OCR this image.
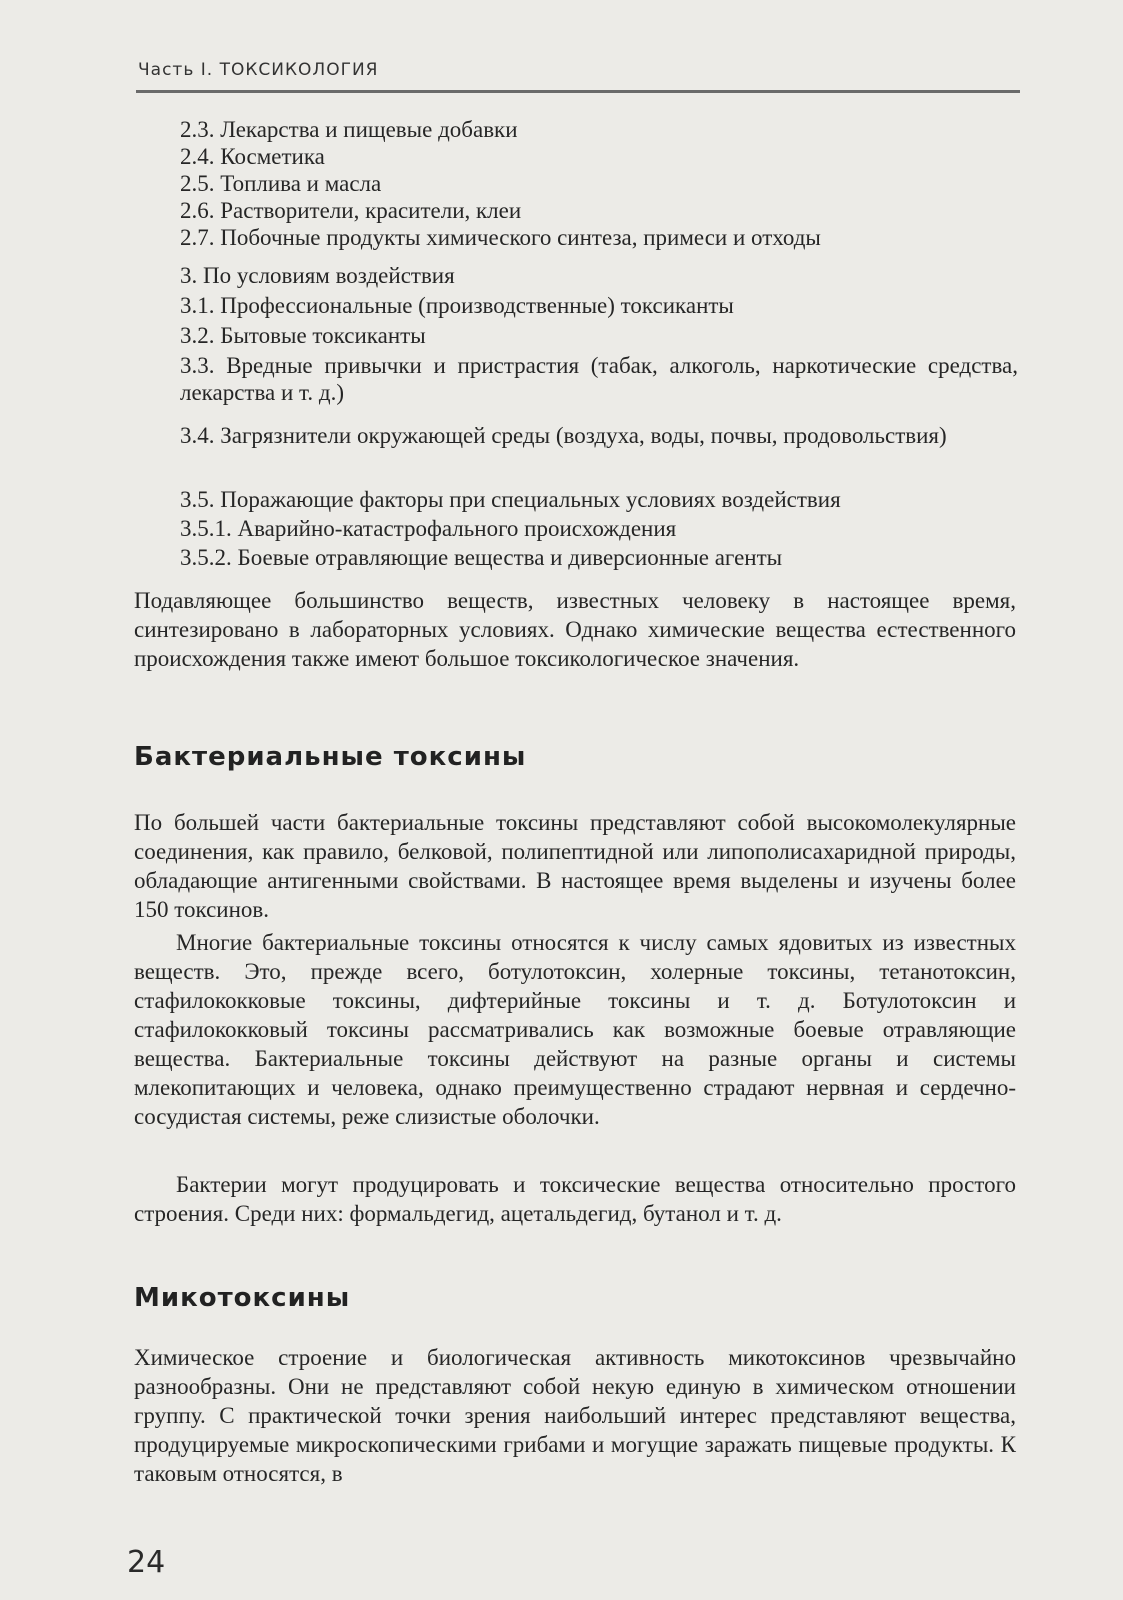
Часть I. ТОКСИКОЛОГИЯ
2.3. Лекарства и пищевые добавки
2.4. Косметика
2.5. Топлива и масла
2.6. Растворители, красители, клеи
2.7. Побочные продукты химического синтеза, примеси и отходы
3. По условиям воздействия
3.1. Профессиональные (производственные) токсиканты
3.2. Бытовые токсиканты
3.3. Вредные привычки и пристрастия (табак, алкоголь, наркотические средства, лекарства и т. д.)
3.4. Загрязнители окружающей среды (воздуха, воды, почвы, продовольствия)
3.5. Поражающие факторы при специальных условиях воздействия
3.5.1. Аварийно-катастрофального происхождения
3.5.2. Боевые отравляющие вещества и диверсионные агенты
Подавляющее большинство веществ, известных человеку в настоящее время, синтезировано в лабораторных условиях. Однако химические вещества естественного происхождения также имеют большое токсикологическое значения.
Бактериальные токсины
По большей части бактериальные токсины представляют собой высокомолекулярные соединения, как правило, белковой, полипептидной или липополисахаридной природы, обладающие антигенными свойствами. В настоящее время выделены и изучены более 150 токсинов.
Многие бактериальные токсины относятся к числу самых ядовитых из известных веществ. Это, прежде всего, ботулотоксин, холерные токсины, тетанотоксин, стафилококковые токсины, дифтерийные токсины и т. д. Ботулотоксин и стафилококковый токсины рассматривались как возможные боевые отравляющие вещества. Бактериальные токсины действуют на разные органы и системы млекопитающих и человека, однако преимущественно страдают нервная и сердечно-сосудистая системы, реже слизистые оболочки.
Бактерии могут продуцировать и токсические вещества относительно простого строения. Среди них: формальдегид, ацетальдегид, бутанол и т. д.
Микотоксины
Химическое строение и биологическая активность микотоксинов чрезвычайно разнообразны. Они не представляют собой некую единую в химическом отношении группу. С практической точки зрения наибольший интерес представляют вещества, продуцируемые микроскопическими грибами и могущие заражать пищевые продукты. К таковым относятся, в
24
